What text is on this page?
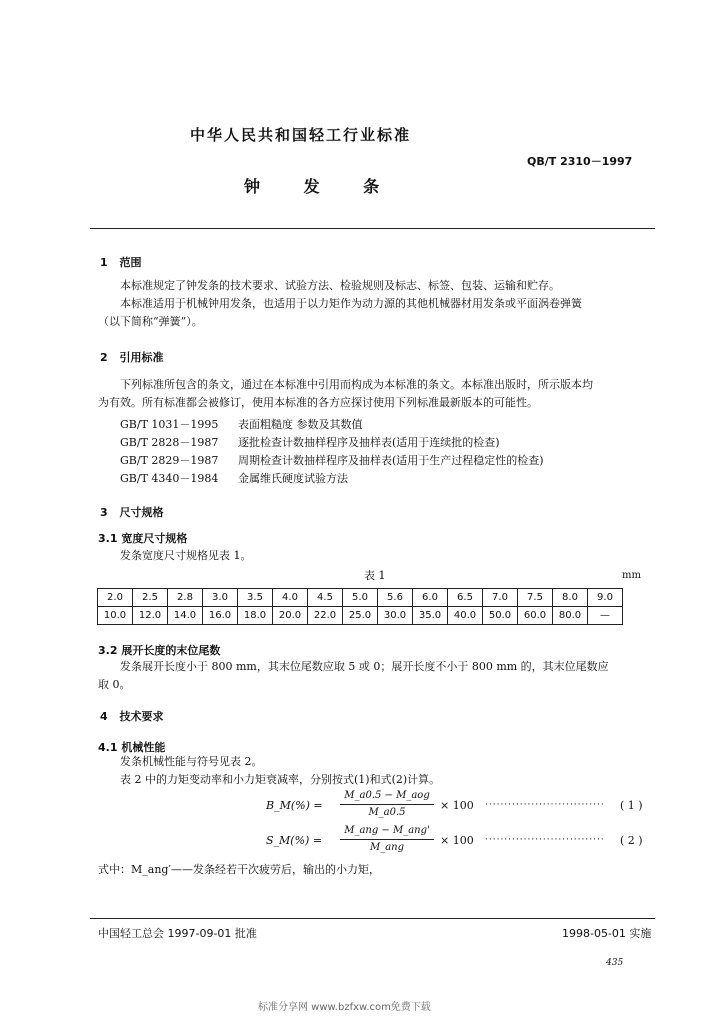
中华人民共和国轻工行业标准
QB/T 2310－1997
钟 发 条
1 范围
本标准规定了钟发条的技术要求、试验方法、检验规则及标志、标签、包装、运输和贮存。
本标准适用于机械钟用发条，也适用于以力矩作为动力源的其他机械器材用发条或平面涡卷弹簧
（以下简称“弹簧”）。
2 引用标准
下列标准所包含的条文，通过在本标准中引用而构成为本标准的条文。本标准出版时，所示版本均
为有效。所有标准都会被修订，使用本标准的各方应探讨使用下列标准最新版本的可能性。
GB/T 1031－1995 表面粗糙度 参数及其数值
GB/T 2828－1987 逐批检查计数抽样程序及抽样表(适用于连续批的检查)
GB/T 2829－1987 周期检查计数抽样程序及抽样表(适用于生产过程稳定性的检查)
GB/T 4340－1984 金属维氏硬度试验方法
3 尺寸规格
3.1 宽度尺寸规格
发条宽度尺寸规格见表 1。
表 1	mm
2.0	2.5	2.8	3.0	3.5	4.0	4.5	5.0	5.6	6.0	6.5	7.0	7.5	8.0	9.0
10.0	12.0	14.0	16.0	18.0	20.0	22.0	25.0	30.0	35.0	40.0	50.0	60.0	80.0	—
3.2 展开长度的末位尾数
发条展开长度小于 800 mm，其末位尾数应取 5 或 0；展开长度不小于 800 mm 的，其末位尾数应
取 0。
4 技术要求
4.1 机械性能
发条机械性能与符号见表 2。
表 2 中的力矩变动率和小力矩衰减率，分别按式(1)和式(2)计算。
B_M(%) =
M_a0.5 − M_aog
M_a0.5
× 100 ······························· ( 1 )
S_M(%) =
M_ang − M_ang'
M_ang
× 100 ······························· ( 2 )
式中：M_ang′——发条经若干次疲劳后，输出的小力矩，
中国轻工总会 1997-09-01 批准	1998-05-01 实施
435
标准分享网 www.bzfxw.com免费下载
